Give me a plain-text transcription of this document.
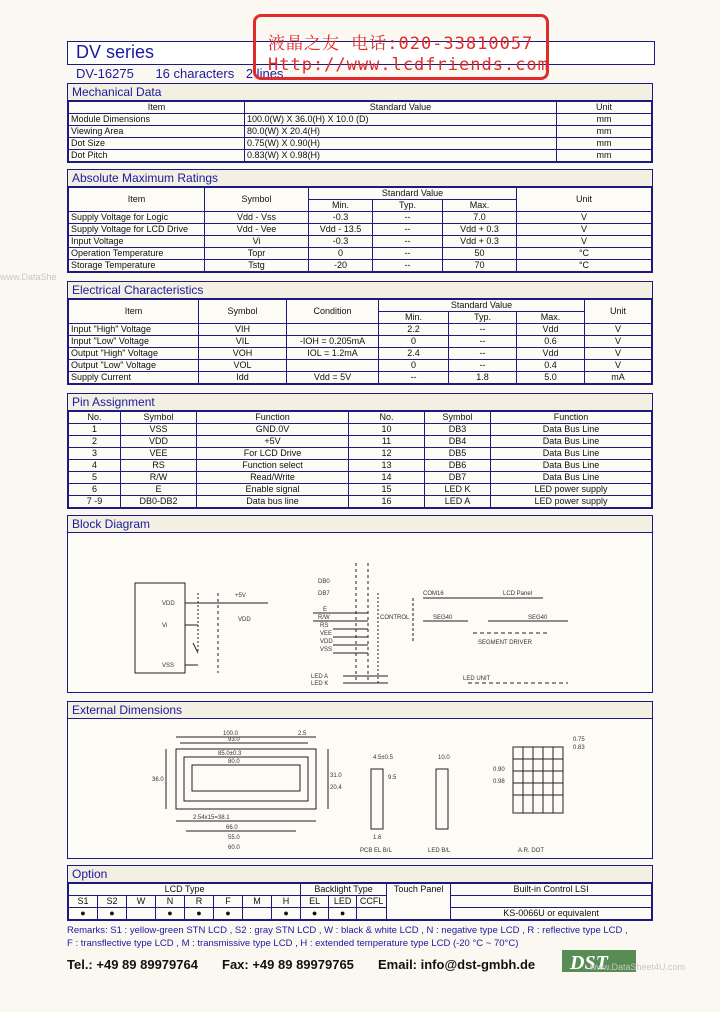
DV series
DV-16275 16 characters 2 lines
液晶之友 电话:020-33810057
Http://www.lcdfriends.com
www.DataShe
Mechanical Data
Item	Standard Value	Unit
Module Dimensions	100.0(W) X 36.0(H) X 10.0 (D)	mm
Viewing Area	80.0(W) X 20.4(H)	mm
Dot Size	0.75(W) X 0.90(H)	mm
Dot Pitch	0.83(W) X 0.98(H)	mm
Absolute Maximum Ratings
Item	Symbol	Standard Value			Unit
		Min.	Typ.	Max.	
Supply Voltage for Logic	Vdd - Vss	-0.3	--	7.0	V
Supply Voltage for LCD Drive	Vdd - Vee	Vdd - 13.5	--	Vdd + 0.3	V
Input Voltage	Vi	-0.3	--	Vdd + 0.3	V
Operation Temperature	Topr	0	--	50	°C
Storage Temperature	Tstg	-20	--	70	°C
Electrical Characteristics
Item	Symbol	Condition	Standard Value			Unit
			Min.	Typ.	Max.	
Input "High" Voltage	VIH		2.2	--	Vdd	V
Input "Low" Voltage	VIL	-IOH = 0.205mA	0	--	0.6	V
Output "High" Voltage	VOH	IOL = 1.2mA	2.4	--	Vdd	V
Output "Low" Voltage	VOL		0	--	0.4	V
Supply Current	Idd	Vdd = 5V	--	1.8	5.0	mA
Pin Assignment
No.	Symbol	Function	No.	Symbol	Function
1	VSS	GND.0V	10	DB3	Data Bus Line
2	VDD	+5V	11	DB4	Data Bus Line
3	VEE	For LCD Drive	12	DB5	Data Bus Line
4	RS	Function select	13	DB6	Data Bus Line
5	R/W	Read/Write	14	DB7	Data Bus Line
6	E	Enable signal	15	LED K	LED power supply
7 -9	DB0-DB2	Data bus line	16	LED A	LED power supply
Block Diagram
VDD
Vi
VSS
+5V
VDD
DB0
DB7
E
R/W
RS
VEE
VDD
VSS
CONTROL
COM16	LCD Panel
SEG40	SEG40
SEGMENT DRIVER
LED A
LED K
LED UNIT
External Dimensions
100.0
93.0
85.0±0.3
80.0
66.0
2.5
36.0
31.0
20.4
2.54x15=38.1
55.0
60.0
4.5±0.5
9.5
1.6
10.0
0.75
0.83
0.90
0.98
PCB EL B/L	LED B/L	A.R. DOT
Option
LCD Type								Backlight Type			Touch Panel	Built-in Control LSI
S1	S2	W	N	R	F	M	H	EL	LED	CCFL		
●	●		●	●	●		●	●	●			KS-0066U or equivalent
Remarks: S1 : yellow-green STN LCD , S2 : gray STN LCD , W : black & white LCD , N : negative type LCD , R : reflective type LCD ,
F : transflective type LCD , M : transmissive type LCD , H : extended temperature type LCD (-20 °C ~ 70°C)
Tel.: +49 89 89979764 Fax: +49 89 89979765 Email: info@dst-gmbh.de DST
www.DataSheet4U.com
